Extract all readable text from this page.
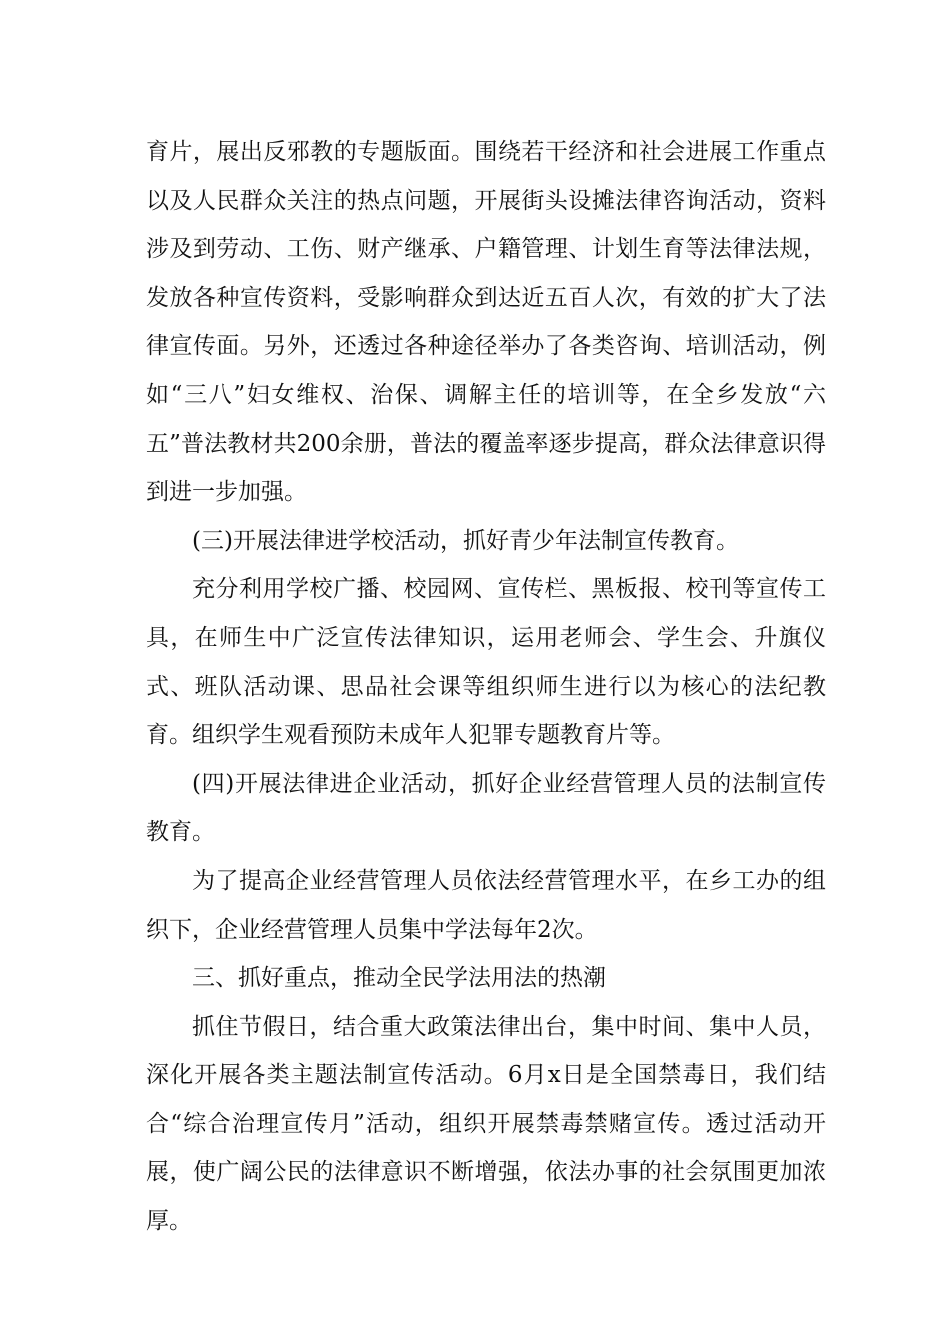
育片，展出反邪教的专题版面。围绕若干经济和社会进展工作重点以及人民群众关注的热点问题，开展街头设摊法律咨询活动，资料涉及到劳动、工伤、财产继承、户籍管理、计划生育等法律法规，发放各种宣传资料，受影响群众到达近五百人次，有效的扩大了法律宣传面。另外，还透过各种途径举办了各类咨询、培训活动，例如“三八”妇女维权、治保、调解主任的培训等，在全乡发放“六五”普法教材共200余册，普法的覆盖率逐步提高，群众法律意识得到进一步加强。

(三)开展法律进学校活动，抓好青少年法制宣传教育。

充分利用学校广播、校园网、宣传栏、黑板报、校刊等宣传工具，在师生中广泛宣传法律知识，运用老师会、学生会、升旗仪式、班队活动课、思品社会课等组织师生进行以为核心的法纪教育。组织学生观看预防未成年人犯罪专题教育片等。

(四)开展法律进企业活动，抓好企业经营管理人员的法制宣传教育。

为了提高企业经营管理人员依法经营管理水平，在乡工办的组织下，企业经营管理人员集中学法每年2次。

三、抓好重点，推动全民学法用法的热潮

抓住节假日，结合重大政策法律出台，集中时间、集中人员，深化开展各类主题法制宣传活动。6月x日是全国禁毒日，我们结合“综合治理宣传月”活动，组织开展禁毒禁赌宣传。透过活动开展，使广阔公民的法律意识不断增强，依法办事的社会氛围更加浓厚。
